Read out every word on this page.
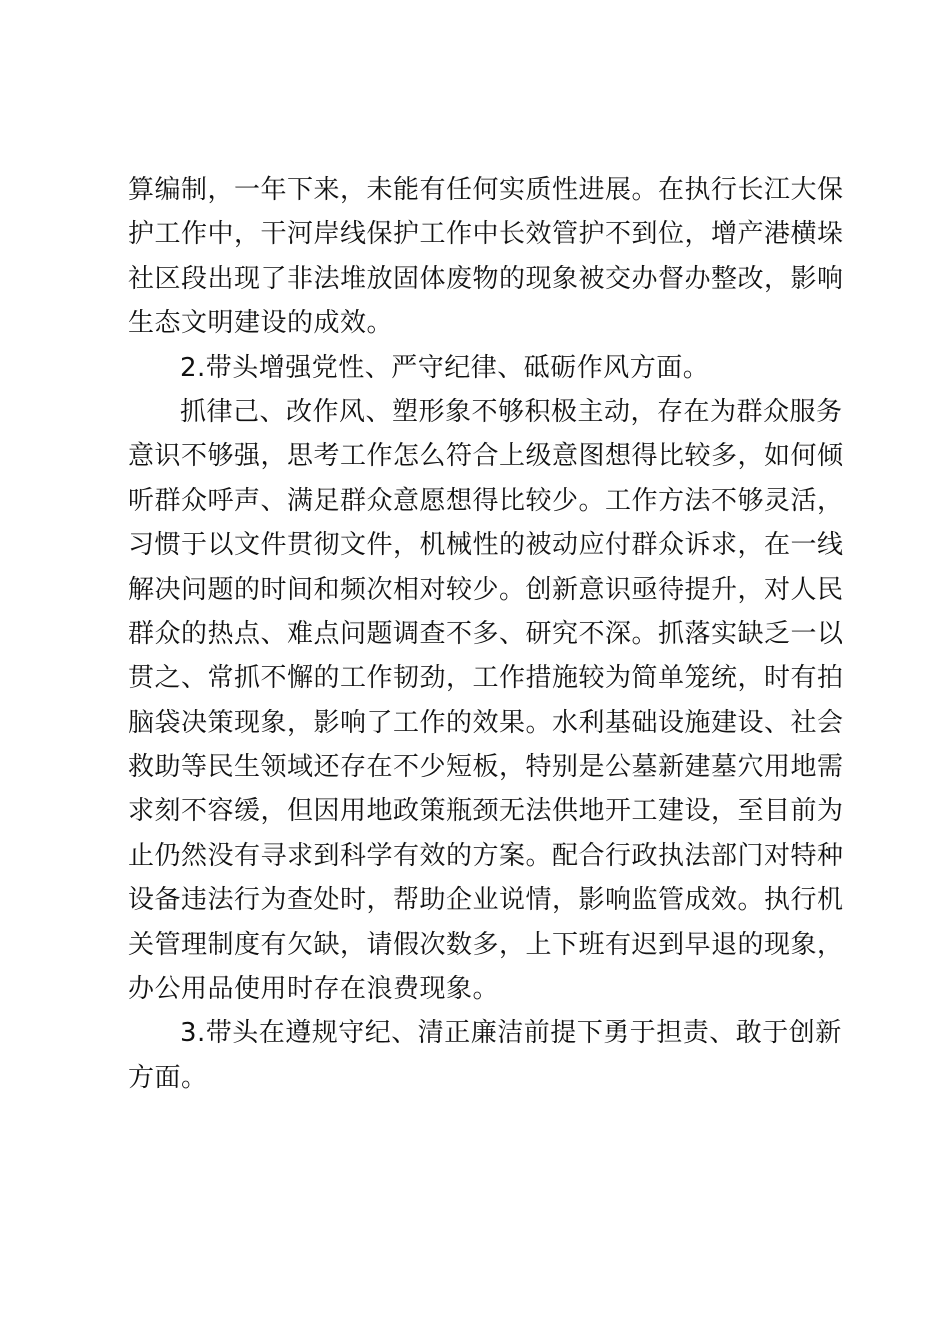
算编制，一年下来，未能有任何实质性进展。在执行长江大保
护工作中，干河岸线保护工作中长效管护不到位，增产港横垛
社区段出现了非法堆放固体废物的现象被交办督办整改，影响
生态文明建设的成效。
2.带头增强党性、严守纪律、砥砺作风方面。
抓律己、改作风、塑形象不够积极主动，存在为群众服务
意识不够强，思考工作怎么符合上级意图想得比较多，如何倾
听群众呼声、满足群众意愿想得比较少。工作方法不够灵活，
习惯于以文件贯彻文件，机械性的被动应付群众诉求，在一线
解决问题的时间和频次相对较少。创新意识亟待提升，对人民
群众的热点、难点问题调查不多、研究不深。抓落实缺乏一以
贯之、常抓不懈的工作韧劲，工作措施较为简单笼统，时有拍
脑袋决策现象，影响了工作的效果。水利基础设施建设、社会
救助等民生领域还存在不少短板，特别是公墓新建墓穴用地需
求刻不容缓，但因用地政策瓶颈无法供地开工建设，至目前为
止仍然没有寻求到科学有效的方案。配合行政执法部门对特种
设备违法行为查处时，帮助企业说情，影响监管成效。执行机
关管理制度有欠缺，请假次数多，上下班有迟到早退的现象，
办公用品使用时存在浪费现象。
3.带头在遵规守纪、清正廉洁前提下勇于担责、敢于创新
方面。
